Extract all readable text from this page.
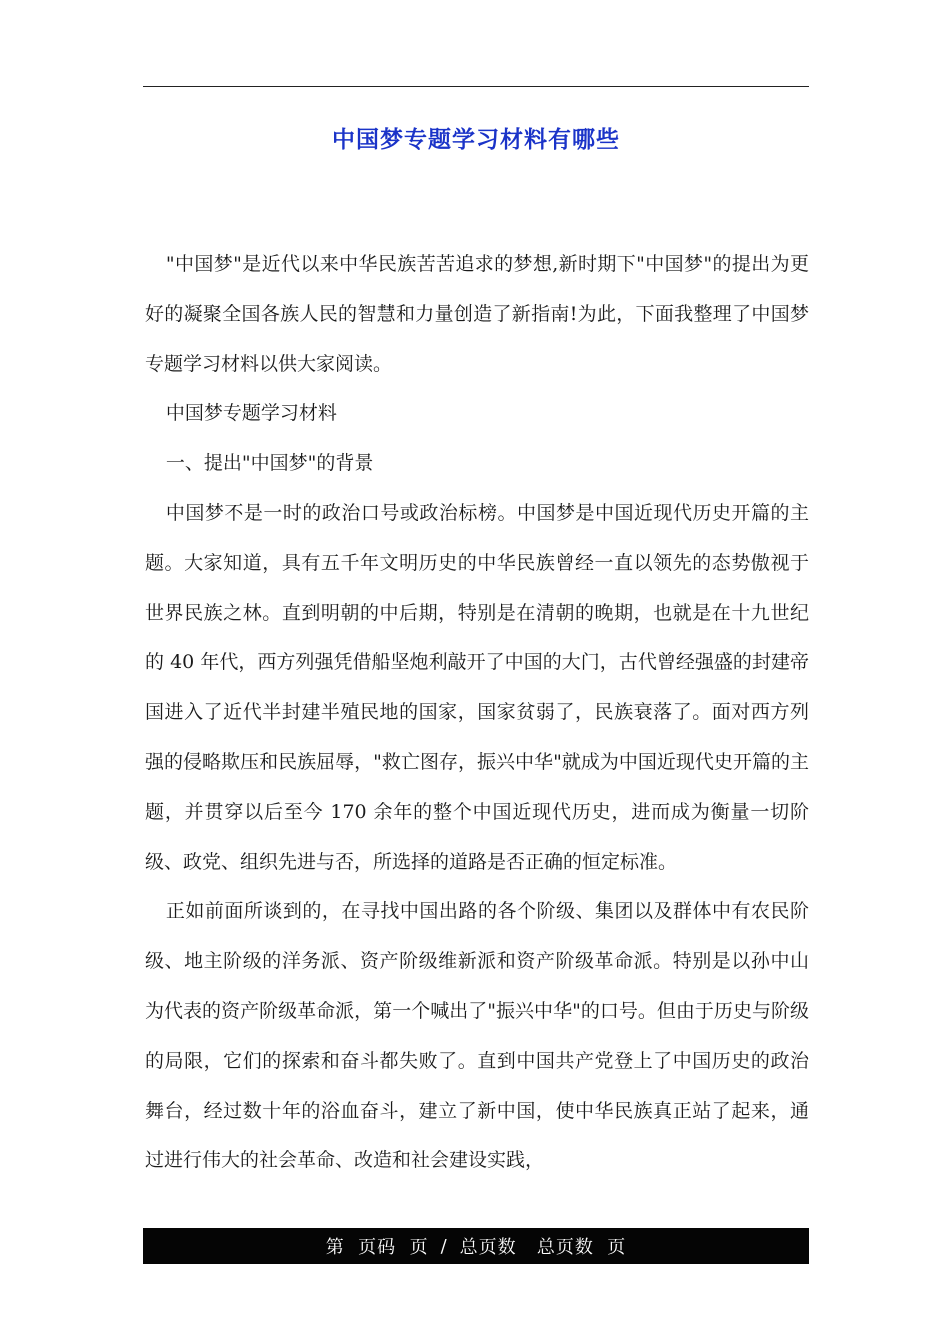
中国梦专题学习材料有哪些

"中国梦"是近代以来中华民族苦苦追求的梦想,新时期下"中国梦"的提出为更好的凝聚全国各族人民的智慧和力量创造了新指南!为此，下面我整理了中国梦专题学习材料以供大家阅读。

中国梦专题学习材料

一、提出"中国梦"的背景

中国梦不是一时的政治口号或政治标榜。中国梦是中国近现代历史开篇的主题。大家知道，具有五千年文明历史的中华民族曾经一直以领先的态势傲视于世界民族之林。直到明朝的中后期，特别是在清朝的晚期，也就是在十九世纪的 40 年代，西方列强凭借船坚炮利敲开了中国的大门，古代曾经强盛的封建帝国进入了近代半封建半殖民地的国家，国家贫弱了，民族衰落了。面对西方列强的侵略欺压和民族屈辱，"救亡图存，振兴中华"就成为中国近现代史开篇的主题，并贯穿以后至今 170 余年的整个中国近现代历史，进而成为衡量一切阶级、政党、组织先进与否，所选择的道路是否正确的恒定标准。

正如前面所谈到的，在寻找中国出路的各个阶级、集团以及群体中有农民阶级、地主阶级的洋务派、资产阶级维新派和资产阶级革命派。特别是以孙中山为代表的资产阶级革命派，第一个喊出了"振兴中华"的口号。但由于历史与阶级的局限，它们的探索和奋斗都失败了。直到中国共产党登上了中国历史的政治舞台，经过数十年的浴血奋斗，建立了新中国，使中华民族真正站了起来，通过进行伟大的社会革命、改造和社会建设实践，

第  页码  页 / 总页数   总页数  页
